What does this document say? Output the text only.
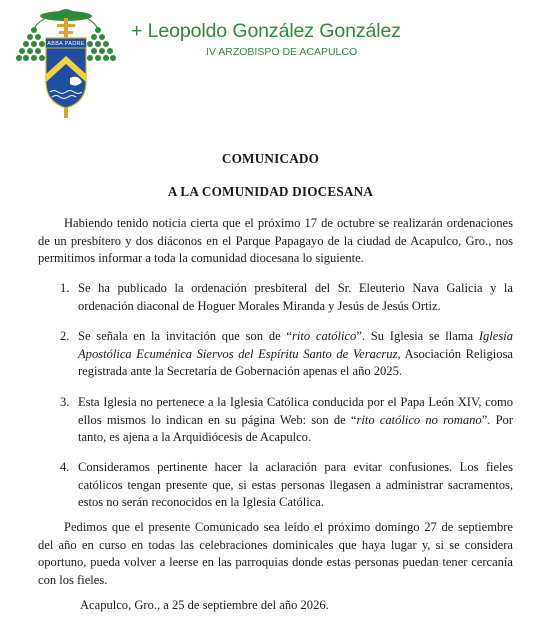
ABBA PADRE
+ Leopoldo González González
IV ARZOBISPO DE ACAPULCO
COMUNICADO
A LA COMUNIDAD DIOCESANA

Habiendo tenido noticia cierta que el próximo 17 de octubre se realizarán ordenaciones de un presbítero y dos diáconos en el Parque Papagayo de la ciudad de Acapulco, Gro., nos permitimos informar a toda la comunidad diocesana lo siguiente.

1. Se ha publicado la ordenación presbiteral del Sr. Eleuterio Nava Galicia y la ordenación diaconal de Hoguer Morales Miranda y Jesús de Jesús Ortiz.
2. Se señala en la invitación que son de “rito católico”. Su Iglesia se llama Iglesia Apostólica Ecuménica Siervos del Espíritu Santo de Veracruz, Asociación Religiosa registrada ante la Secretaría de Gobernación apenas el año 2025.
3. Esta Iglesia no pertenece a la Iglesia Católica conducida por el Papa León XIV, como ellos mismos lo indican en su página Web: son de “rito católico no romano”. Por tanto, es ajena a la Arquidiócesis de Acapulco.
4. Consideramos pertinente hacer la aclaración para evitar confusiones. Los fieles católicos tengan presente que, si estas personas llegasen a administrar sacramentos, estos no serán reconocidos en la Iglesia Católica.

Pedimos que el presente Comunicado sea leído el próximo domingo 27 de septiembre del año en curso en todas las celebraciones dominicales que haya lugar y, si se considera oportuno, pueda volver a leerse en las parroquias donde estas personas puedan tener cercanía con los fieles.

Acapulco, Gro., a 25 de septiembre del año 2026.
